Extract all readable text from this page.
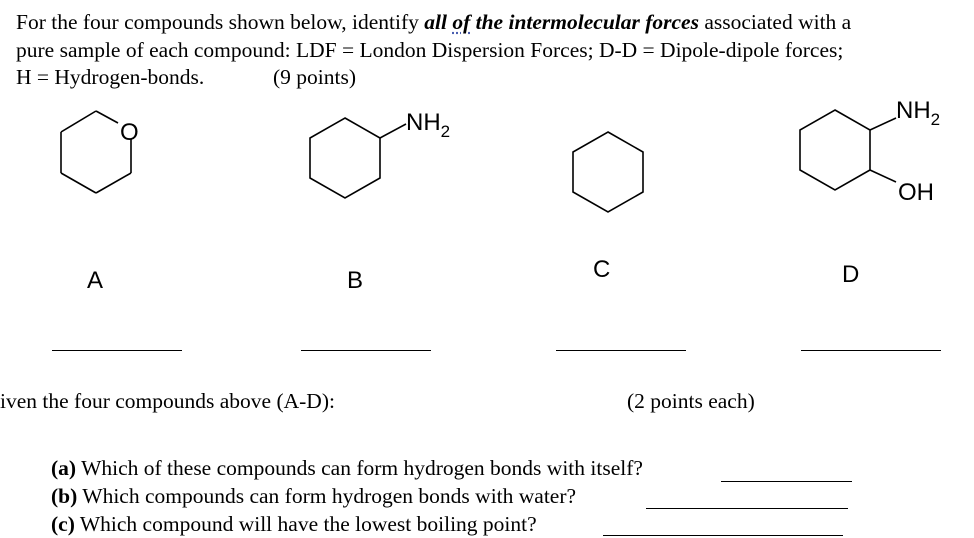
For the four compounds shown below, identify all of the intermolecular forces associated with a
pure sample of each compound: LDF = London Dispersion Forces; D-D = Dipole-dipole forces;
H = Hydrogen-bonds.	(9 points)
O	$NH_2$
$NH_2$
OH
A	B	C	D
iven the four compounds above (A-D):	(2 points each)
(a) Which of these compounds can form hydrogen bonds with itself?
(b) Which compounds can form hydrogen bonds with water?
(c) Which compound will have the lowest boiling point?
